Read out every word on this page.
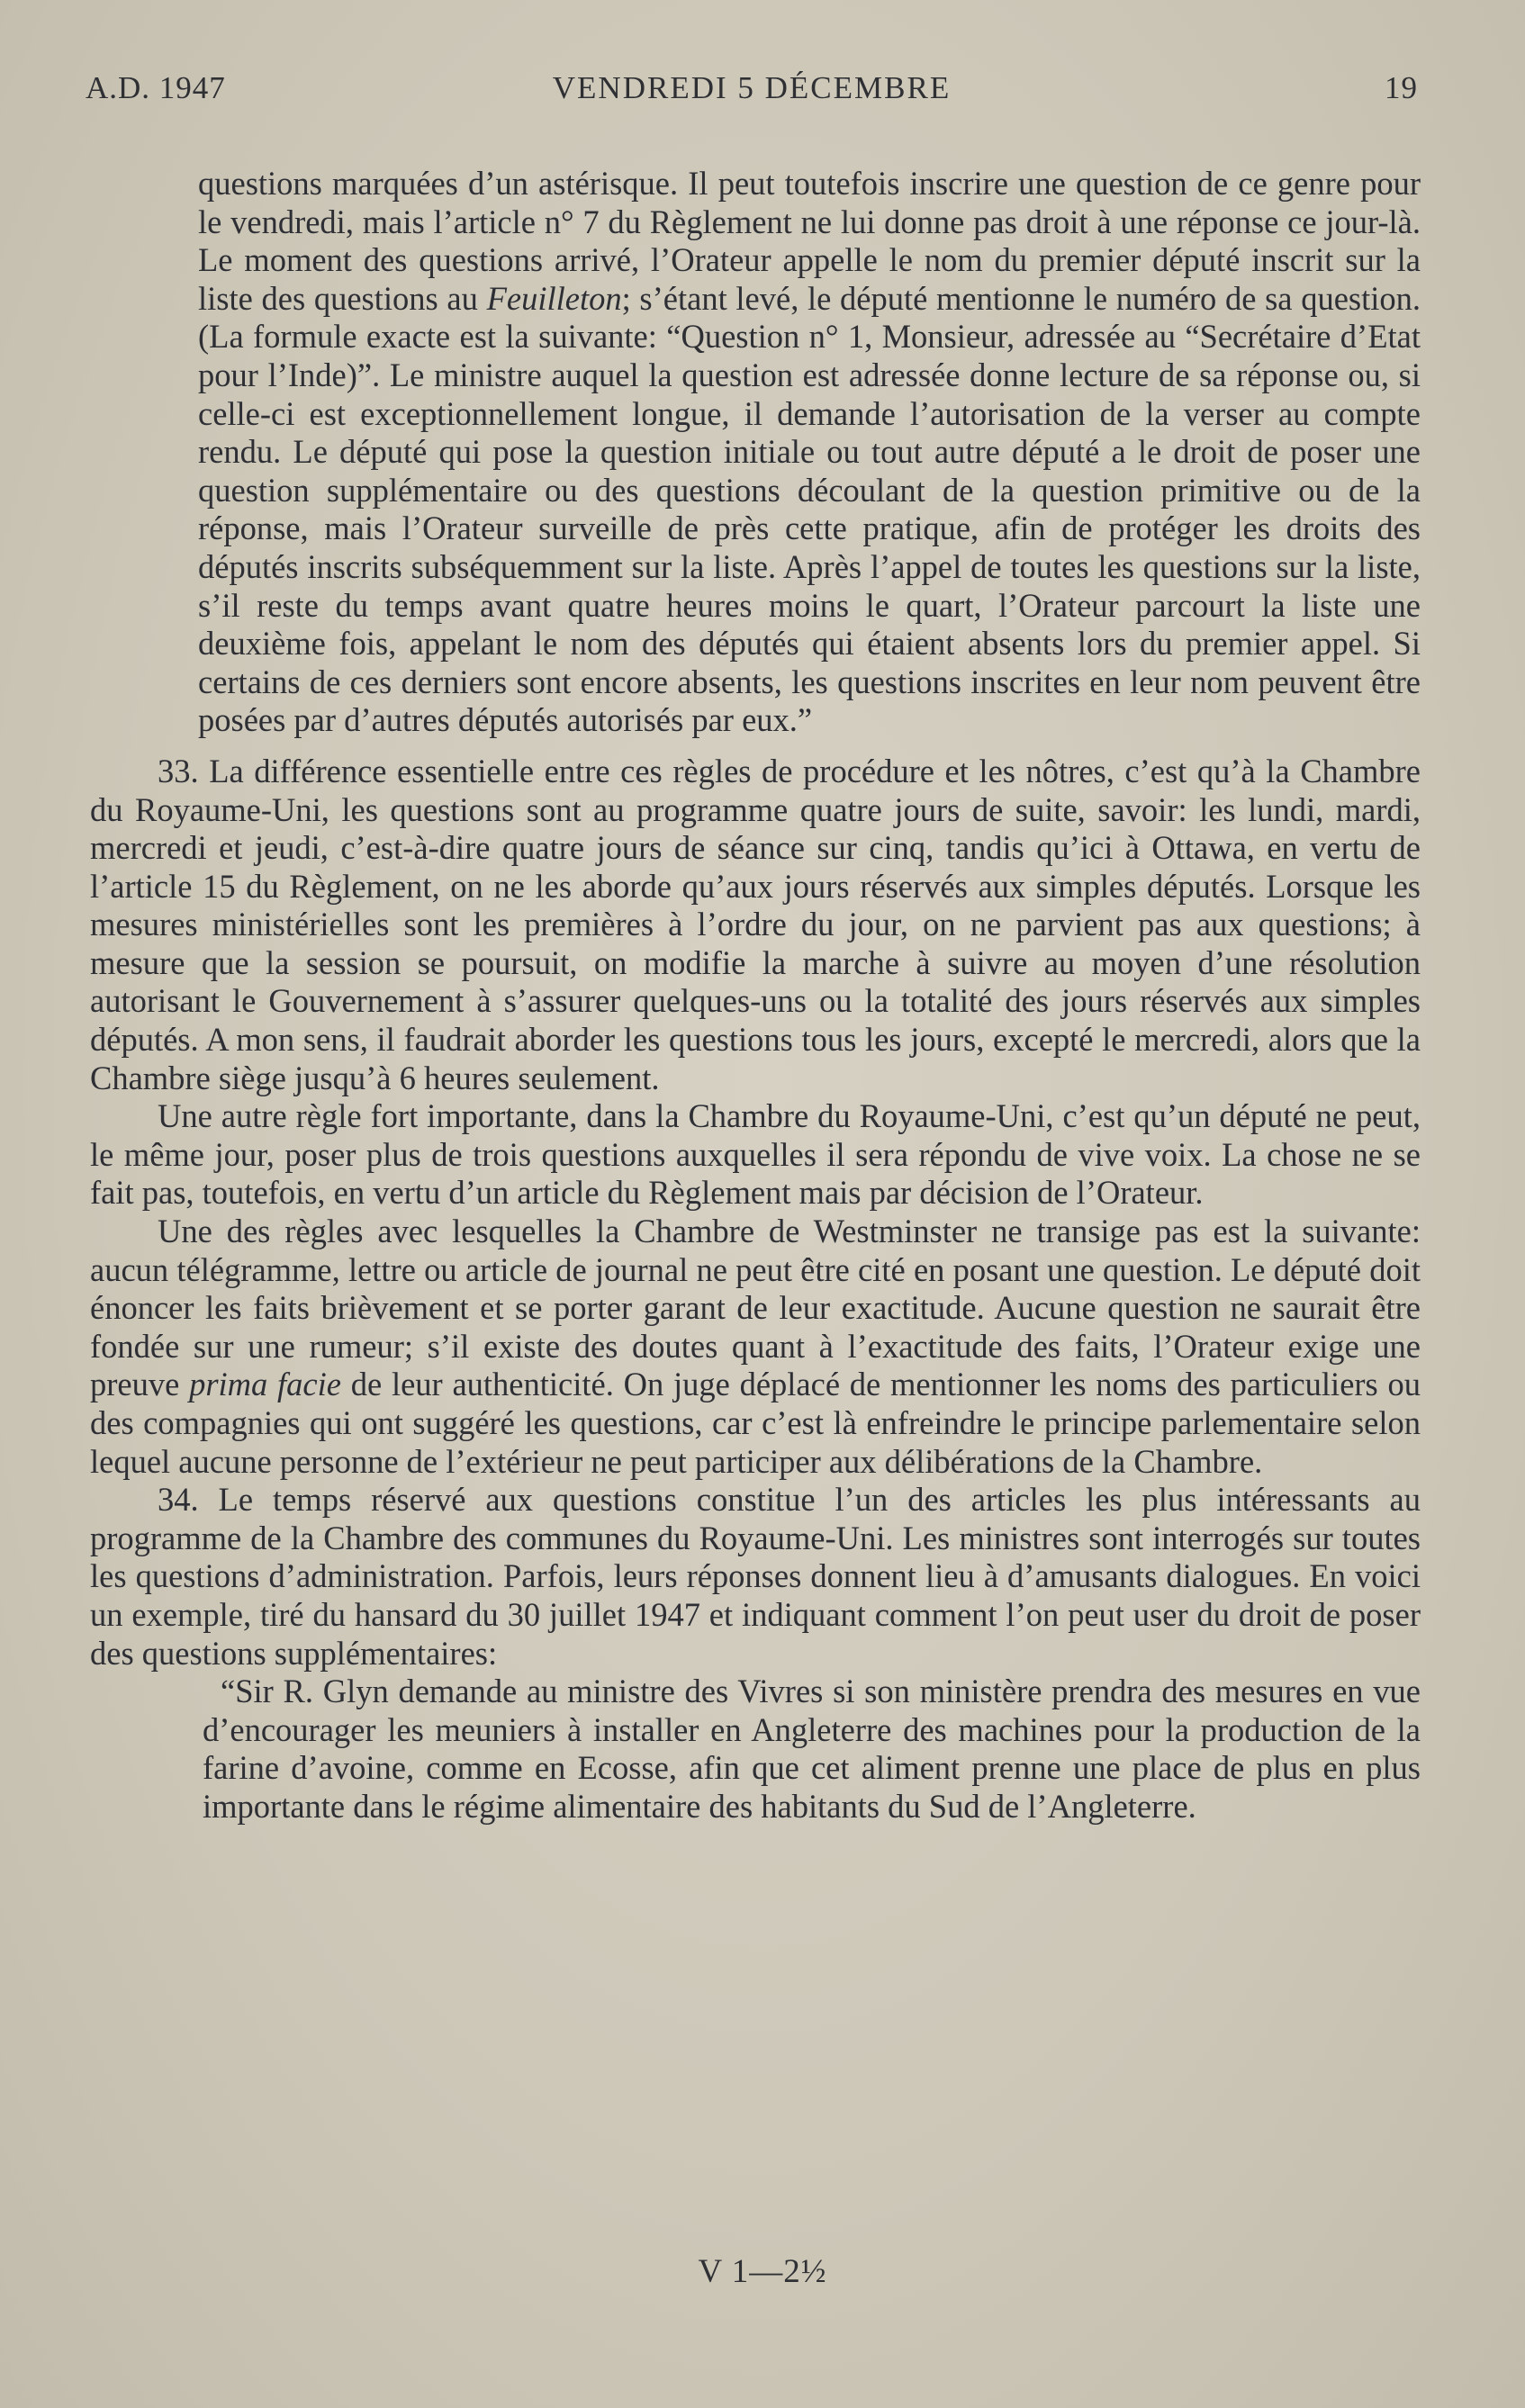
A.D. 1947	VENDREDI 5 DÉCEMBRE	19

questions marquées d’un astérisque. Il peut toutefois inscrire une question de ce genre pour le vendredi, mais l’article n° 7 du Règlement ne lui donne pas droit à une réponse ce jour-là. Le moment des questions arrivé, l’Orateur appelle le nom du premier député inscrit sur la liste des questions au Feuilleton; s’étant levé, le député mentionne le numéro de sa question. (La formule exacte est la suivante: “Question n° 1, Monsieur, adressée au “Secrétaire d’Etat pour l’Inde)”. Le ministre auquel la question est adressée donne lecture de sa réponse ou, si celle-ci est exceptionnellement longue, il demande l’autorisation de la verser au compte rendu. Le député qui pose la question initiale ou tout autre député a le droit de poser une question supplémentaire ou des questions découlant de la question primitive ou de la réponse, mais l’Orateur surveille de près cette pratique, afin de protéger les droits des députés inscrits subséquemment sur la liste. Après l’appel de toutes les questions sur la liste, s’il reste du temps avant quatre heures moins le quart, l’Orateur parcourt la liste une deuxième fois, appelant le nom des députés qui étaient absents lors du premier appel. Si certains de ces derniers sont encore absents, les questions inscrites en leur nom peuvent être posées par d’autres députés autorisés par eux.”

33. La différence essentielle entre ces règles de procédure et les nôtres, c’est qu’à la Chambre du Royaume-Uni, les questions sont au programme quatre jours de suite, savoir: les lundi, mardi, mercredi et jeudi, c’est-à-dire quatre jours de séance sur cinq, tandis qu’ici à Ottawa, en vertu de l’article 15 du Règlement, on ne les aborde qu’aux jours réservés aux simples députés. Lorsque les mesures ministérielles sont les premières à l’ordre du jour, on ne parvient pas aux questions; à mesure que la session se poursuit, on modifie la marche à suivre au moyen d’une résolution autorisant le Gouvernement à s’assurer quelques-uns ou la totalité des jours réservés aux simples députés. A mon sens, il faudrait aborder les questions tous les jours, excepté le mercredi, alors que la Chambre siège jusqu’à 6 heures seulement.

Une autre règle fort importante, dans la Chambre du Royaume-Uni, c’est qu’un député ne peut, le même jour, poser plus de trois questions auxquelles il sera répondu de vive voix. La chose ne se fait pas, toutefois, en vertu d’un article du Règlement mais par décision de l’Orateur.

Une des règles avec lesquelles la Chambre de Westminster ne transige pas est la suivante: aucun télégramme, lettre ou article de journal ne peut être cité en posant une question. Le député doit énoncer les faits brièvement et se porter garant de leur exactitude. Aucune question ne saurait être fondée sur une rumeur; s’il existe des doutes quant à l’exactitude des faits, l’Orateur exige une preuve prima facie de leur authenticité. On juge déplacé de mentionner les noms des particuliers ou des compagnies qui ont suggéré les questions, car c’est là enfreindre le principe parlementaire selon lequel aucune personne de l’extérieur ne peut participer aux délibérations de la Chambre.

34. Le temps réservé aux questions constitue l’un des articles les plus intéressants au programme de la Chambre des communes du Royaume-Uni. Les ministres sont interrogés sur toutes les questions d’administration. Parfois, leurs réponses donnent lieu à d’amusants dialogues. En voici un exemple, tiré du hansard du 30 juillet 1947 et indiquant comment l’on peut user du droit de poser des questions supplémentaires:

“Sir R. Glyn demande au ministre des Vivres si son ministère prendra des mesures en vue d’encourager les meuniers à installer en Angleterre des machines pour la production de la farine d’avoine, comme en Ecosse, afin que cet aliment prenne une place de plus en plus importante dans le régime alimentaire des habitants du Sud de l’Angleterre.

V 1—2½
